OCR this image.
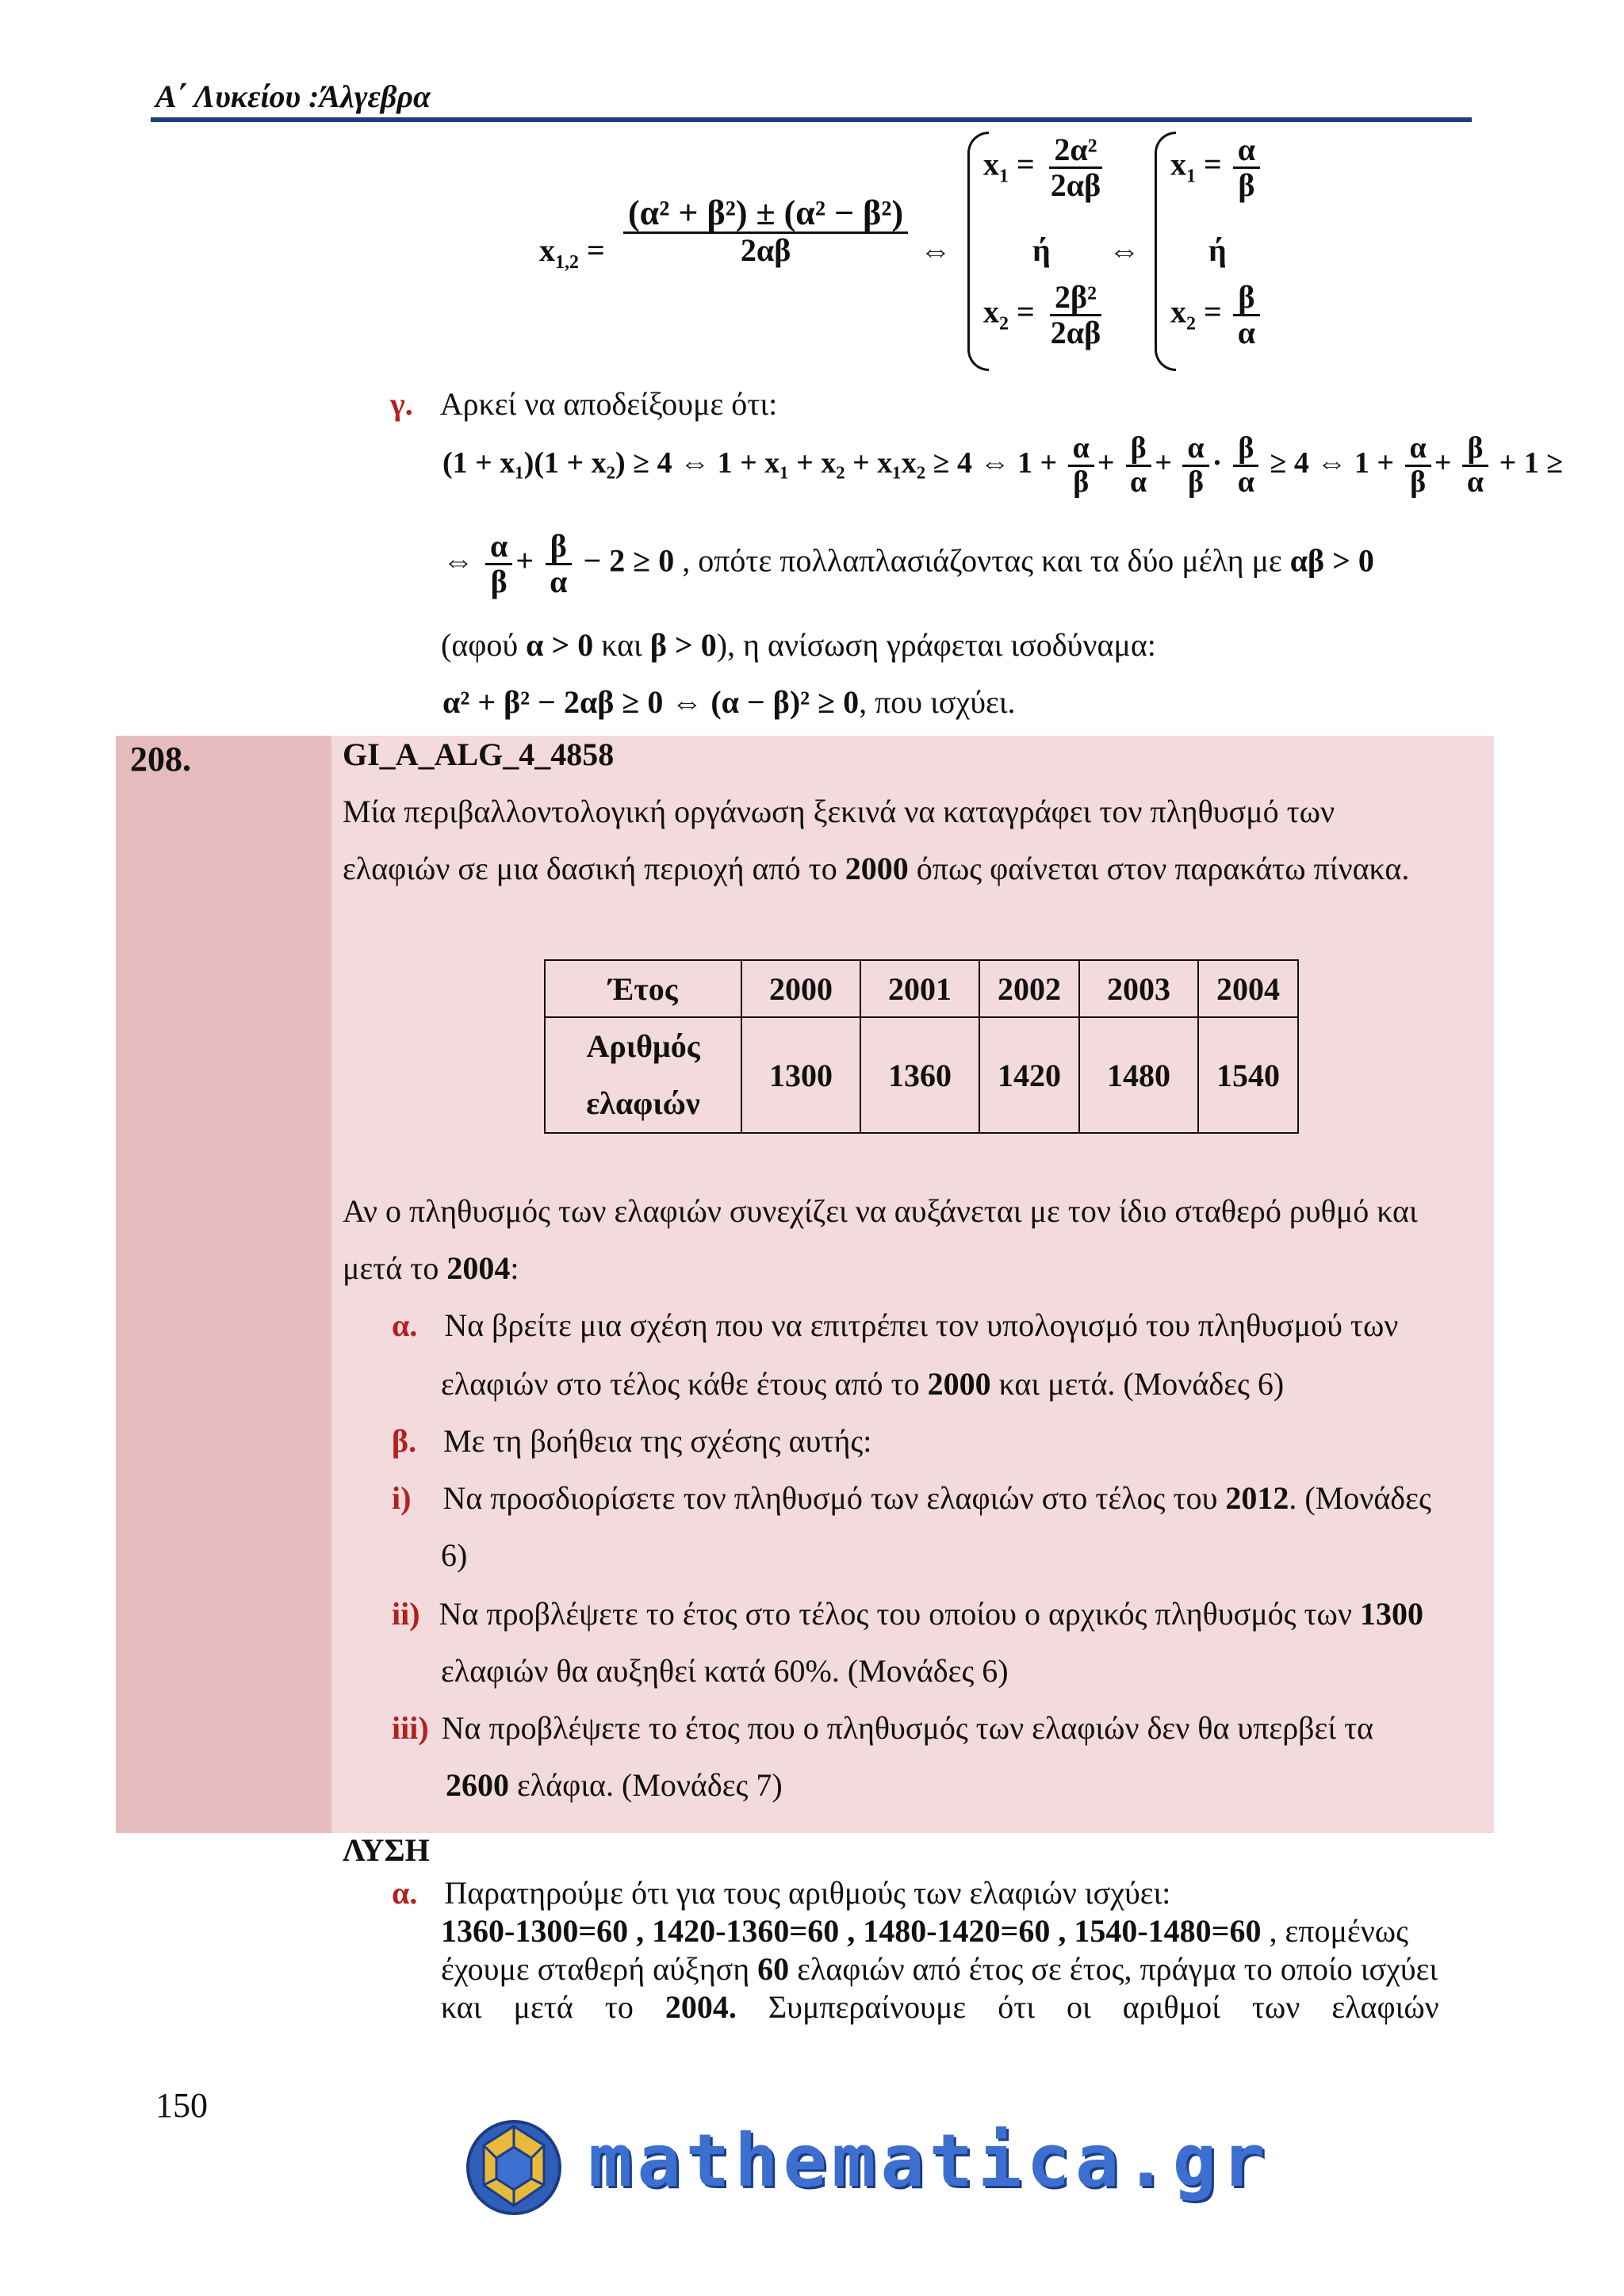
Α΄ Λυκείου :Άλγεβρα
$x_{1,2} = \frac{\text{(α² + β²) ± (α² − β²)}}{2\alpha\beta}$ ⇔
$x_1 = \frac{\text{2α²}}{2\alpha\beta}$
ή
$x_2 = \frac{\text{2β²}}{2\alpha\beta}$
⇔
$x_1 = \frac{\alpha}{\beta}$
ή
$x_2 = \frac{\beta}{\alpha}$
γ. Αρκεί να αποδείξουμε ότι:
(1 + x₁)(1 + x₂) ≥ 4 ⇔ 1 + x₁ + x₂ + x₁x₂ ≥ 4 ⇔ $1 + \frac{\alpha}{\beta} + \frac{\beta}{\alpha} + \frac{\alpha}{\beta} \cdot \frac{\beta}{\alpha} \ge 4$ ⇔ $1 + \frac{\alpha}{\beta} + \frac{\beta}{\alpha} + 1$ ≥
⇔ $\frac{\alpha}{\beta} + \frac{\beta}{\alpha} - 2 \ge 0$ , οπότε πολλαπλασιάζοντας και τα δύο μέλη με αβ > 0
(αφού α > 0 και β > 0), η ανίσωση γράφεται ισοδύναμα:
α² + β² − 2αβ ≥ 0 ⇔ (α − β)² ≥ 0, που ισχύει.
208.	GI_A_ALG_4_4858
Μία περιβαλλοντολογική οργάνωση ξεκινά να καταγράφει τον πληθυσμό των
ελαφιών σε μια δασική περιοχή από το 2000 όπως φαίνεται στον παρακάτω πίνακα.
Έτος	2000	2001	2002	2003	2004
Αριθμός
ελαφιών	1300	1360	1420	1480	1540
Αν ο πληθυσμός των ελαφιών συνεχίζει να αυξάνεται με τον ίδιο σταθερό ρυθμό και
μετά το 2004:
α. Να βρείτε μια σχέση που να επιτρέπει τον υπολογισμό του πληθυσμού των
ελαφιών στο τέλος κάθε έτους από το 2000 και μετά. (Μονάδες 6)
β. Με τη βοήθεια της σχέσης αυτής:
i) Να προσδιορίσετε τον πληθυσμό των ελαφιών στο τέλος του 2012. (Μονάδες
6)
ii) Να προβλέψετε το έτος στο τέλος του οποίου ο αρχικός πληθυσμός των 1300
ελαφιών θα αυξηθεί κατά 60%. (Μονάδες 6)
iii) Να προβλέψετε το έτος που ο πληθυσμός των ελαφιών δεν θα υπερβεί τα
2600 ελάφια. (Μονάδες 7)
ΛΥΣΗ
α. Παρατηρούμε ότι για τους αριθμούς των ελαφιών ισχύει:
1360-1300=60 , 1420-1360=60 , 1480-1420=60 , 1540-1480=60 , επομένως
έχουμε σταθερή αύξηση 60 ελαφιών από έτος σε έτος, πράγμα το οποίο ισχύει
και μετά το 2004. Συμπεραίνουμε ότι οι αριθμοί των ελαφιών
150
mathematica.gr
